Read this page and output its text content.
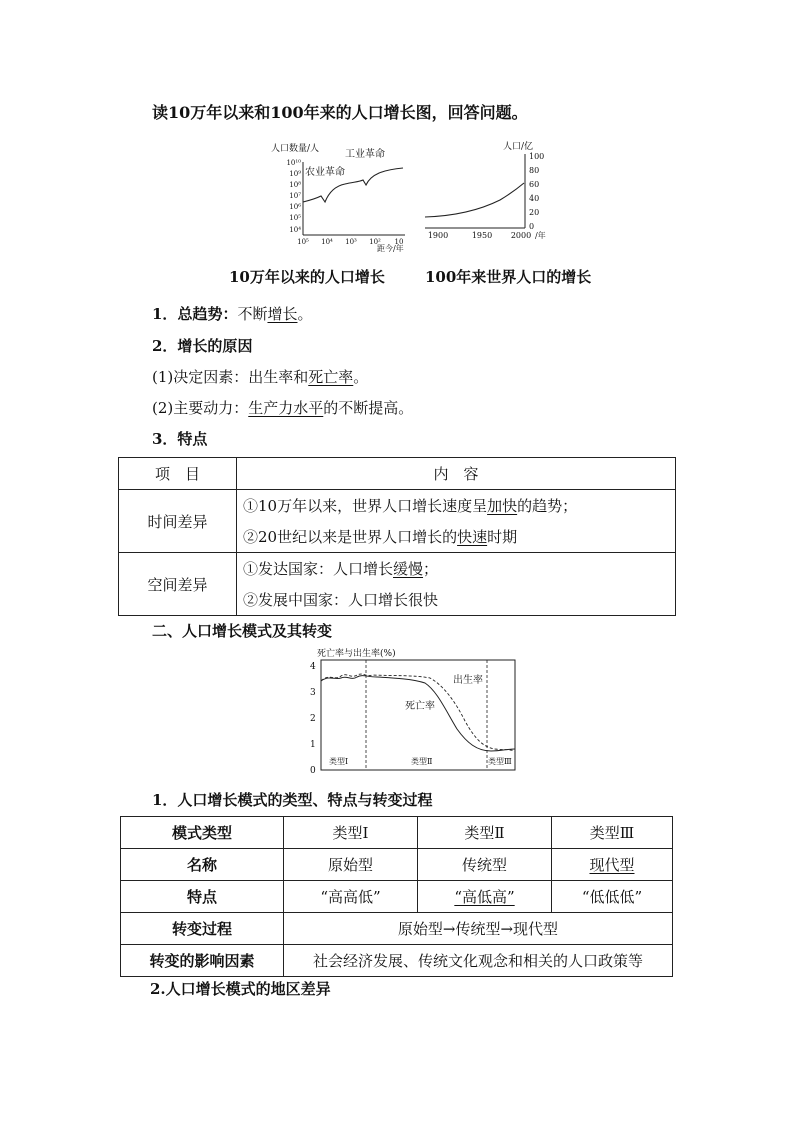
读10万年以来和100年来的人口增长图，回答问题。
人口数量/人
10¹⁰
10⁹
10⁸
10⁷
10⁶
10⁵
10⁴
10⁵ 10⁴ 10³ 10² 10
距今/年
农业革命
工业革命
人口/亿
100
80
60
40
20
0
1900	1950 2000 /年
10万年以来的人口增长	100年来世界人口的增长
1．总趋势：不断增长。
2．增长的原因
(1)决定因素：出生率和死亡率。
(2)主要动力：生产力水平的不断提高。
3．特点
项　目	内　容
时间差异	①10万年以来，世界人口增长速度呈加快的趋势；
	②20世纪以来是世界人口增长的快速时期
空间差异	①发达国家：人口增长缓慢；
	②发展中国家：人口增长很快
二、人口增长模式及其转变
死亡率与出生率(%)
4
3
2
1
0
出生率
死亡率
类型Ⅰ	类型Ⅱ	类型Ⅲ
1．人口增长模式的类型、特点与转变过程
模式类型	类型Ⅰ	类型Ⅱ	类型Ⅲ
名称	原始型	传统型	现代型
特点	“高高低”	“高低高”	“低低低”
转变过程	原始型→传统型→现代型		
转变的影响因素	社会经济发展、传统文化观念和相关的人口政策等		
2.人口增长模式的地区差异
